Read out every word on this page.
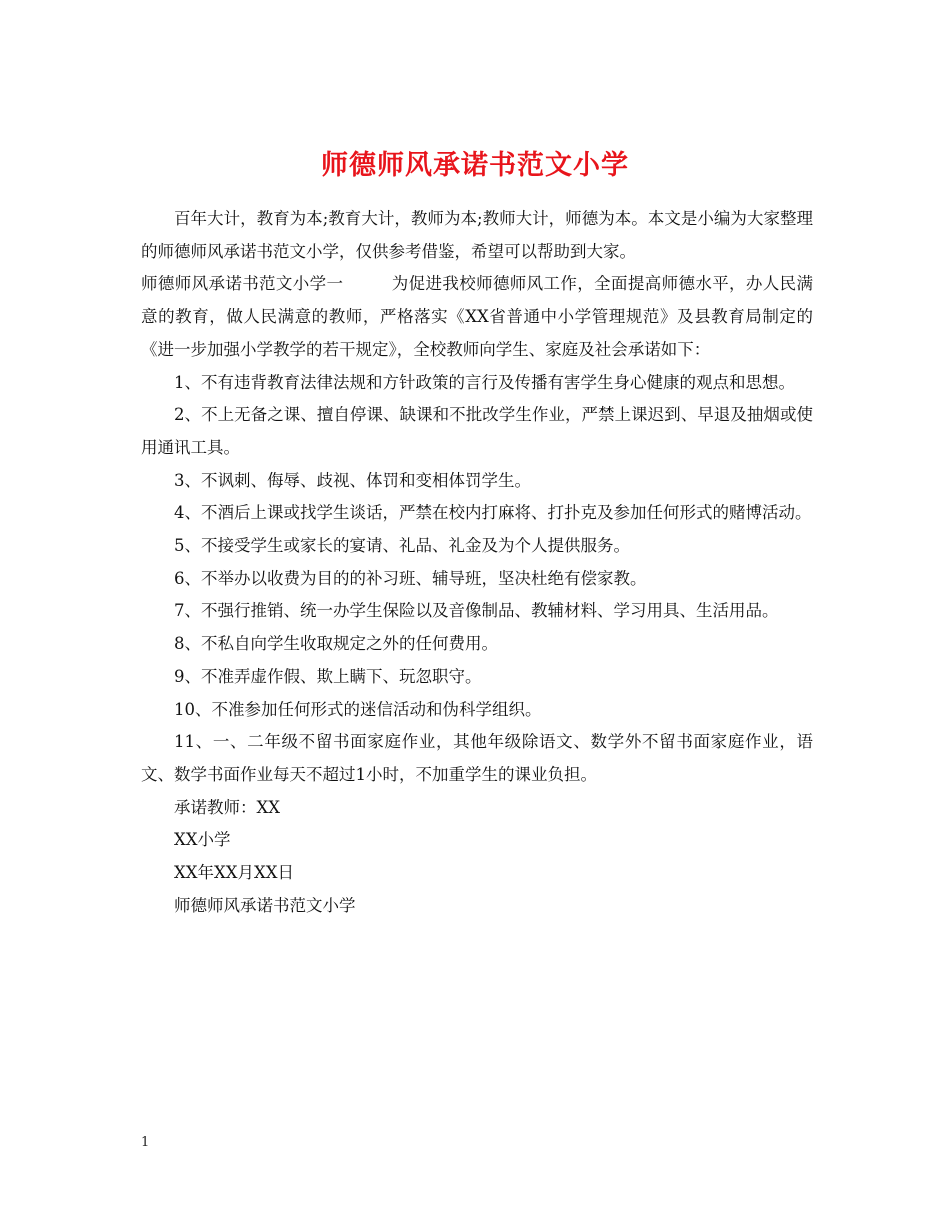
师德师风承诺书范文小学

百年大计，教育为本;教育大计，教师为本;教师大计，师德为本。本文是小编为大家整理的师德师风承诺书范文小学，仅供参考借鉴，希望可以帮助到大家。

师德师风承诺书范文小学一	为促进我校师德师风工作，全面提高师德水平，办人民满意的教育，做人民满意的教师，严格落实《XX省普通中小学管理规范》及县教育局制定的《进一步加强小学教学的若干规定》，全校教师向学生、家庭及社会承诺如下：

1、不有违背教育法律法规和方针政策的言行及传播有害学生身心健康的观点和思想。

2、不上无备之课、擅自停课、缺课和不批改学生作业，严禁上课迟到、早退及抽烟或使用通讯工具。

3、不讽刺、侮辱、歧视、体罚和变相体罚学生。

4、不酒后上课或找学生谈话，严禁在校内打麻将、打扑克及参加任何形式的赌博活动。

5、不接受学生或家长的宴请、礼品、礼金及为个人提供服务。

6、不举办以收费为目的的补习班、辅导班，坚决杜绝有偿家教。

7、不强行推销、统一办学生保险以及音像制品、教辅材料、学习用具、生活用品。

8、不私自向学生收取规定之外的任何费用。

9、不准弄虚作假、欺上瞒下、玩忽职守。

10、不准参加任何形式的迷信活动和伪科学组织。

11、一、二年级不留书面家庭作业，其他年级除语文、数学外不留书面家庭作业，语文、数学书面作业每天不超过1小时，不加重学生的课业负担。

承诺教师：XX

XX小学

XX年XX月XX日

师德师风承诺书范文小学

1
